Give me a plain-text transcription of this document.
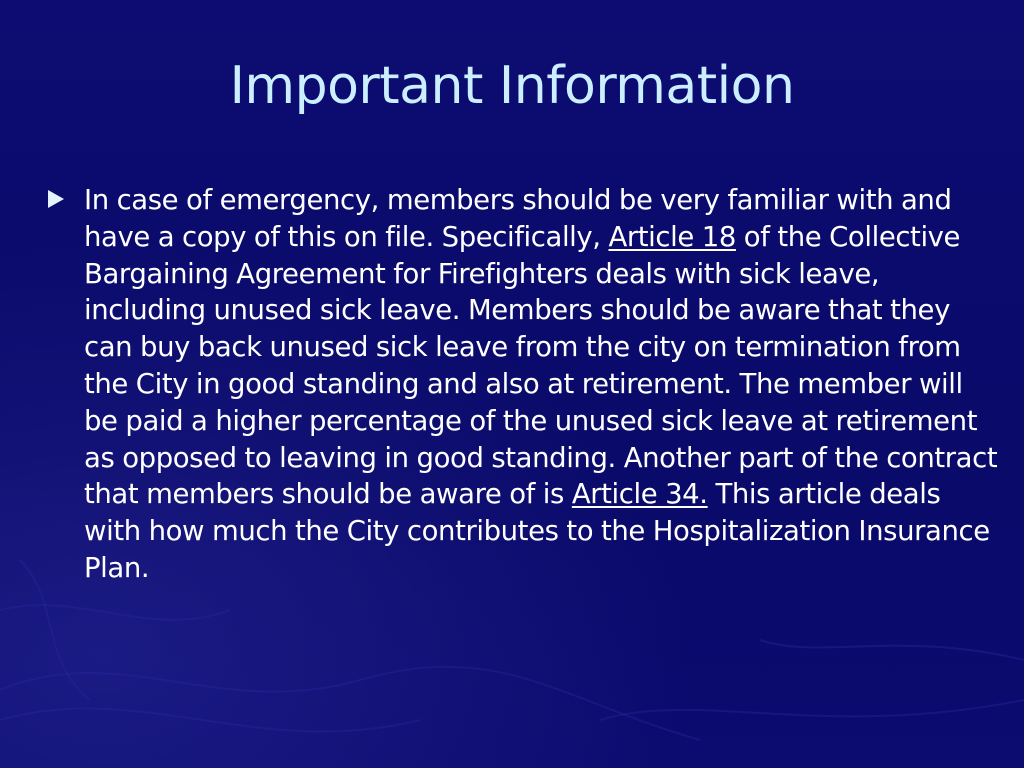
Important Information
In case of emergency, members should be very familiar with and have a copy of this on file. Specifically, Article 18 of the Collective Bargaining Agreement for Firefighters deals with sick leave, including unused sick leave. Members should be aware that they can buy back unused sick leave from the city on termination from the City in good standing and also at retirement. The member will be paid a higher percentage of the unused sick leave at retirement as opposed to leaving in good standing. Another part of the contract that members should be aware of is Article 34. This article deals with how much the City contributes to the Hospitalization Insurance Plan.
